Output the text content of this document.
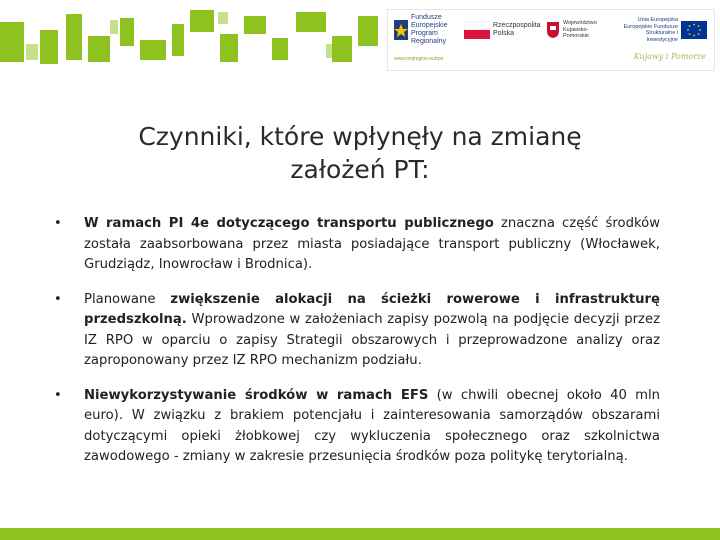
Fundusze Europejskie Program Regionalny
Rzeczpospolita Polska
Województwo Kujawsko-Pomorskie
Unia Europejska Europejskie Fundusze Strukturalne i Inwestycyjne
www.mojregion.eu/rpo	Kujawy i Pomorze
Czynniki, które wpłynęły na zmianę
założeń PT:
• W ramach PI 4e dotyczącego transportu publicznego znaczna część środków została zaabsorbowana przez miasta posiadające transport publiczny (Włocławek, Grudziądz, Inowrocław i Brodnica).
• Planowane zwiększenie alokacji na ścieżki rowerowe i infrastrukturę przedszkolną. Wprowadzone w założeniach zapisy pozwolą na podjęcie decyzji przez IZ RPO w oparciu o zapisy Strategii obszarowych i przeprowadzone analizy oraz zaproponowany przez IZ RPO mechanizm podziału.
• Niewykorzystywanie środków w ramach EFS (w chwili obecnej około 40 mln euro). W związku z brakiem potencjału i zainteresowania samorządów obszarami dotyczącymi opieki żłobkowej czy wykluczenia społecznego oraz szkolnictwa zawodowego - zmiany w zakresie przesunięcia środków poza politykę terytorialną.
